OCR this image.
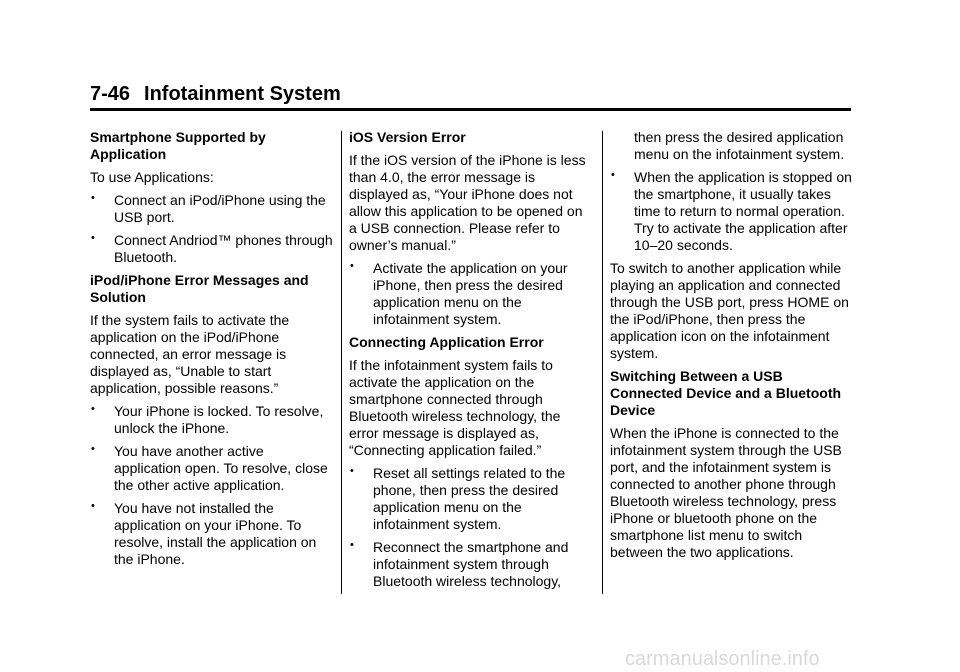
7-46 Infotainment System
Smartphone Supported by Application
To use Applications:
• Connect an iPod/iPhone using the USB port.
• Connect Andriod™ phones through Bluetooth.
iPod/iPhone Error Messages and Solution
If the system fails to activate the application on the iPod/iPhone connected, an error message is displayed as, “Unable to start application, possible reasons.”
• Your iPhone is locked. To resolve, unlock the iPhone.
• You have another active application open. To resolve, close the other active application.
• You have not installed the application on your iPhone. To resolve, install the application on the iPhone.
iOS Version Error
If the iOS version of the iPhone is less than 4.0, the error message is displayed as, “Your iPhone does not allow this application to be opened on a USB connection. Please refer to owner’s manual.”
• Activate the application on your iPhone, then press the desired application menu on the infotainment system.
Connecting Application Error
If the infotainment system fails to activate the application on the smartphone connected through Bluetooth wireless technology, the error message is displayed as, “Connecting application failed.”
• Reset all settings related to the phone, then press the desired application menu on the infotainment system.
• Reconnect the smartphone and infotainment system through Bluetooth wireless technology,
then press the desired application menu on the infotainment system.
• When the application is stopped on the smartphone, it usually takes time to return to normal operation. Try to activate the application after 10–20 seconds.
To switch to another application while playing an application and connected through the USB port, press HOME on the iPod/iPhone, then press the application icon on the infotainment system.
Switching Between a USB Connected Device and a Bluetooth Device
When the iPhone is connected to the infotainment system through the USB port, and the infotainment system is connected to another phone through Bluetooth wireless technology, press iPhone or bluetooth phone on the smartphone list menu to switch between the two applications.
carmanualsonline.info
